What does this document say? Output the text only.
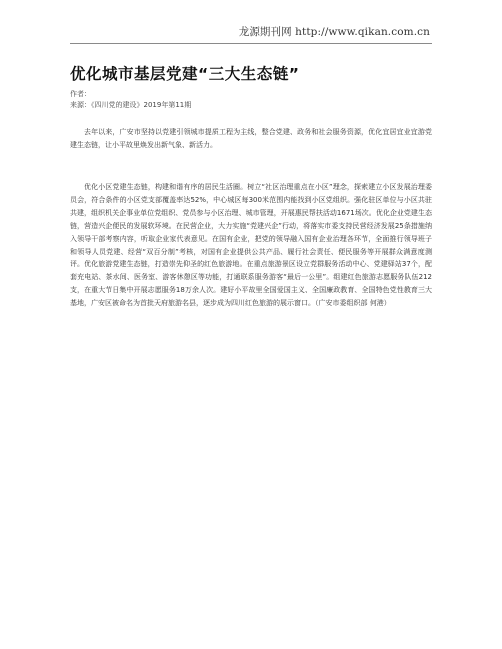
龙源期刊网 http://www.qikan.com.cn
优化城市基层党建“三大生态链”
作者：
来源：《四川党的建设》2019年第11期

去年以来，广安市坚持以党建引领城市提质工程为主线，整合党建、政务和社会服务资源，优化宜居宜业宜游党建生态链，让小平故里焕发出新气象、新活力。

优化小区党建生态链，构建和谐有序的居民生活圈。树立“社区治理重点在小区”理念，探索建立小区发展治理委员会，符合条件的小区党支部覆盖率达52%，中心城区每300米范围内能找到小区党组织。强化驻区单位与小区共驻共建，组织机关企事业单位党组织、党员参与小区治理、城市管理，开展惠民帮扶活动1671场次。优化企业党建生态链，营造兴企便民的发展软环境。在民营企业，大力实施“党建兴企”行动，将落实市委支持民营经济发展25条措施纳入领导干部考察内容，听取企业家代表意见。在国有企业，把党的领导融入国有企业治理各环节，全面推行领导班子和领导人员党建、经营“双百分制”考核，对国有企业提供公共产品、履行社会责任、便民服务等开展群众满意度测评。优化旅游党建生态链，打造崇先仰圣的红色旅游地。在重点旅游景区设立党群服务活动中心、党建驿站37个，配套充电站、茶水间、医务室、游客休憩区等功能，打通联系服务游客“最后一公里”。组建红色旅游志愿服务队伍212支，在重大节日集中开展志愿服务18万余人次。建好小平故里全国爱国主义、全国廉政教育、全国特色党性教育三大基地，广安区被命名为首批天府旅游名县，逐步成为四川红色旅游的展示窗口。（广安市委组织部 何港）
